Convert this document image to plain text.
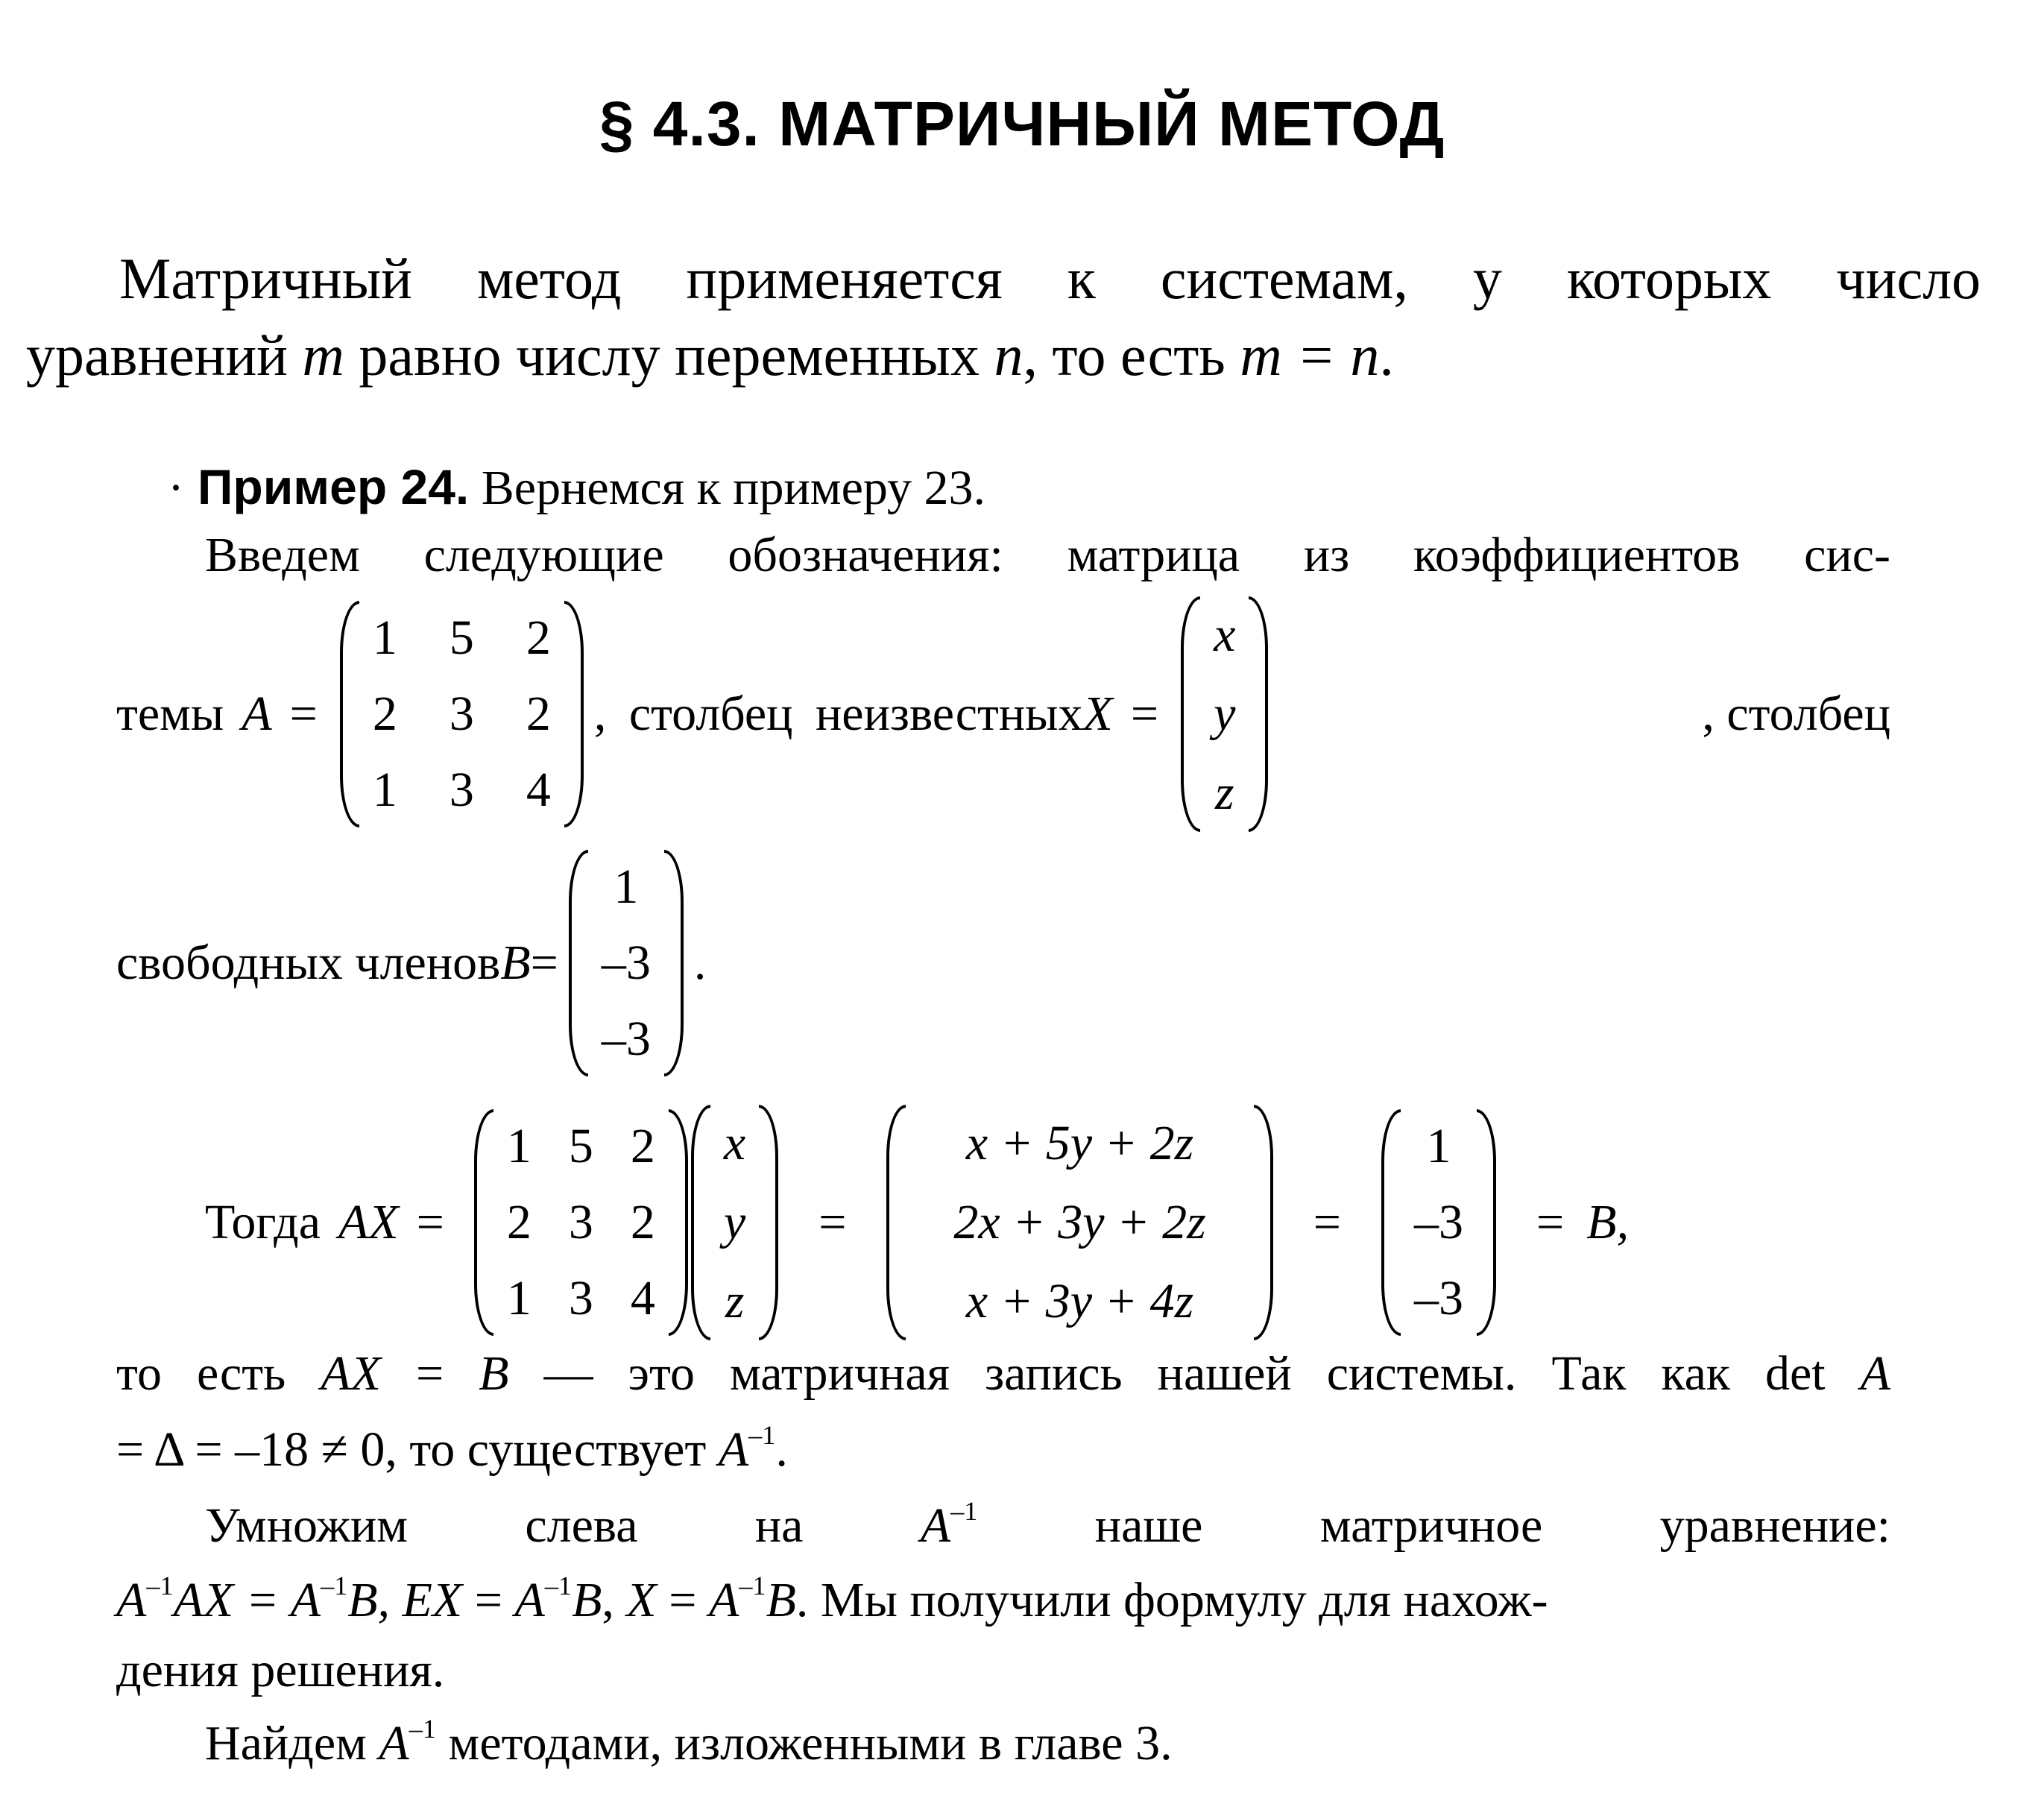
§ 4.3. МАТРИЧНЫЙ МЕТОД
Матричный метод применяется к системам, у которых число
уравнений m равно числу переменных n, то есть m = n.
· Пример 24. Вернемся к примеру 23.
Введем следующие обозначения: матрица из коэффициентов сис-
темы A =
1 5 2
2 3 2
1 3 4
, столбец неизвестных X =
x
y
z
, столбец
свободных членов B =
1
–3
–3
.
Тогда AX =
1 5 2
2 3 2
1 3 4
x
y
z
=
x + 5y + 2z
2x + 3y + 2z
x + 3y + 4z
=
1
–3
–3
= B,
то есть AX = B — это матричная запись нашей системы. Так как det A
= Δ = –18 ≠ 0, то существует $A^{-1}$.
Умножим слева на $A^{-1}$ наше матричное уравнение:
$A^{-1}AX = A^{-1}B$, EX = $A^{-1}B$, $X = A^{-1}B$. Мы получили формулу для нахож-
дения решения.
Найдем $A^{-1}$ методами, изложенными в главе 3.
